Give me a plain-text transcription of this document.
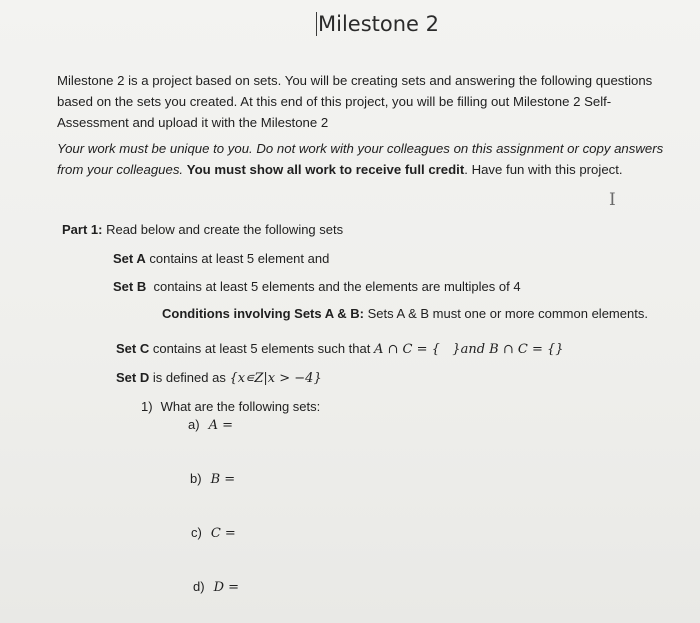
Milestone 2
Milestone 2 is a project based on sets. You will be creating sets and answering the following questions based on the sets you created. At this end of this project, you will be filling out Milestone 2 Self-Assessment and upload it with the Milestone 2
Your work must be unique to you. Do not work with your colleagues on this assignment or copy answers from your colleagues. You must show all work to receive full credit. Have fun with this project.
I
Part 1: Read below and create the following sets
Set A contains at least 5 element and
Set B  contains at least 5 elements and the elements are multiples of 4
Conditions involving Sets A & B: Sets A & B must one or more common elements.
Set C contains at least 5 elements such that A ∩ C = {   }and B ∩ C = {}
Set D is defined as {x∊Z|x > −4}
1) What are the following sets:
a) A =
b) B =
c) C =
d) D =
